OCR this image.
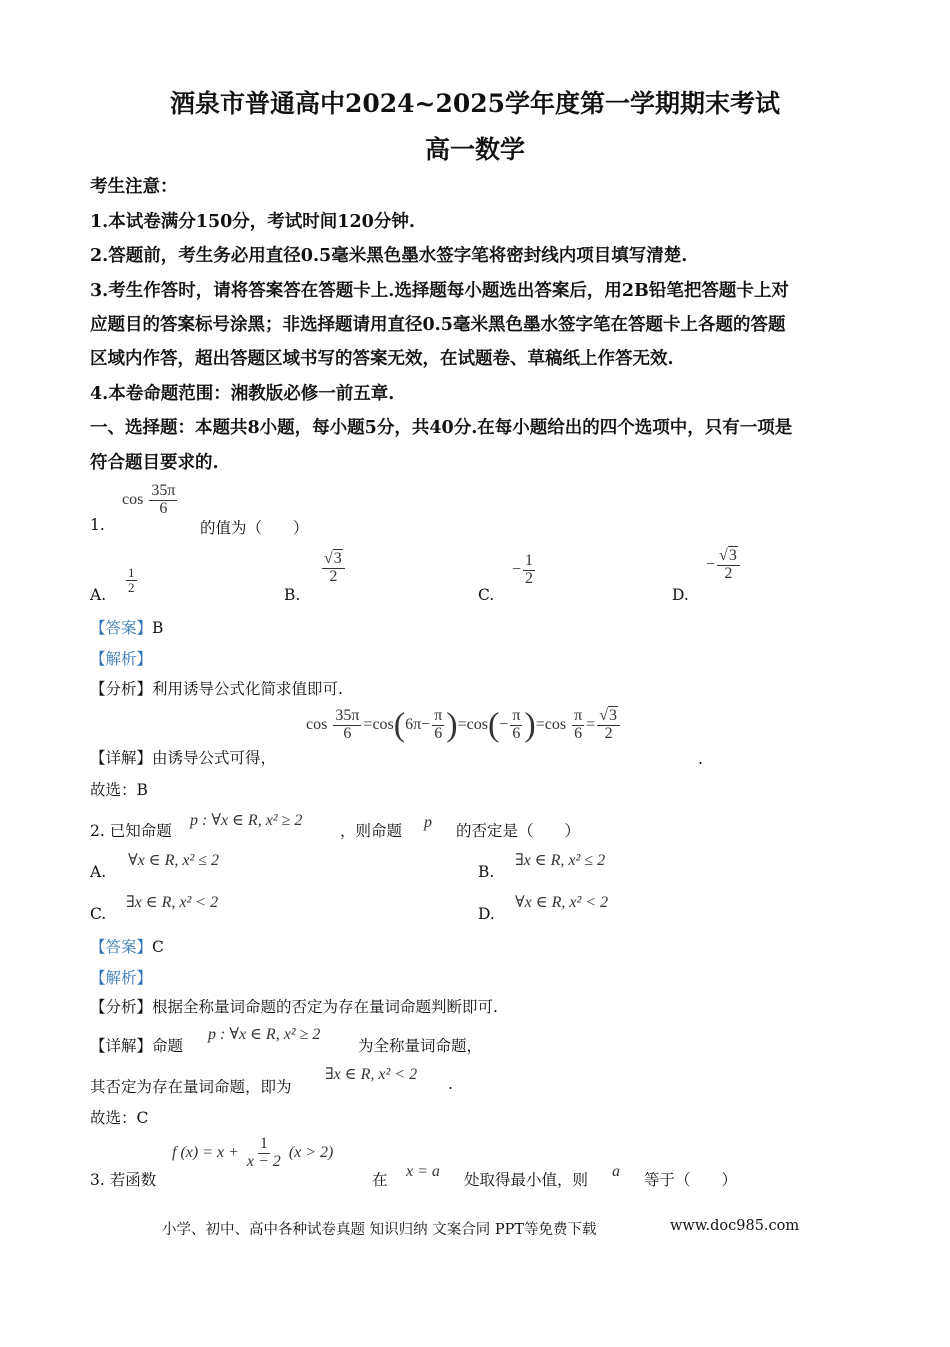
酒泉市普通高中2024~2025学年度第一学期期末考试
高一数学
考生注意：
1.本试卷满分150分，考试时间120分钟.
2.答题前，考生务必用直径0.5毫米黑色墨水签字笔将密封线内项目填写清楚.
3.考生作答时，请将答案答在答题卡上.选择题每小题选出答案后，用2B铅笔把答题卡上对
应题目的答案标号涂黑；非选择题请用直径0.5毫米黑色墨水签字笔在答题卡上各题的答题
区域内作答，超出答题区域书写的答案无效，在试题卷、草稿纸上作答无效.
4.本卷命题范围：湘教版必修一前五章.
一、选择题：本题共8小题，每小题5分，共40分.在每小题给出的四个选项中，只有一项是
符合题目要求的.
1.
$\cos \frac{35\pi}{6}$
的值为（　　）
A.
$\frac{1}{2}$
B.
$\frac{√3}{2}$
C.
− $\frac{1}{2}$
D.
− $\frac{√3}{2}$
【答案】B
【解析】
【分析】利用诱导公式化简求值即可.
【详解】由诱导公式可得，
$\cos \frac{35\pi}{6} =\cos(6\pi- \frac{\pi}{6} )=\cos(- \frac{\pi}{6} )=\cos \frac{\pi}{6} = \frac{√3}{2}$
.
故选：B
2. 已知命题
p : ∀x ∈ R, x² ≥ 2
，则命题 p 的否定是（　　）
A.
∀x ∈ R, x² ≤ 2
B.
∃x ∈ R, x² ≤ 2
C.
∃x ∈ R, x² < 2
D.
∀x ∈ R, x² < 2
【答案】C
【解析】
【分析】根据全称量词命题的否定为存在量词命题判断即可.
【详解】命题
p : ∀x ∈ R, x² ≥ 2
为全称量词命题，
其否定为存在量词命题，即为
∃x ∈ R, x² < 2
.
故选：C
3. 若函数
f $(x) = x + \frac{1}{x - 2} (x > 2)$
在 x = a 处取得最小值，则 a 等于（　　）
小学、初中、高中各种试卷真题 知识归纳 文案合同 PPT等免费下载	www.doc985.com
